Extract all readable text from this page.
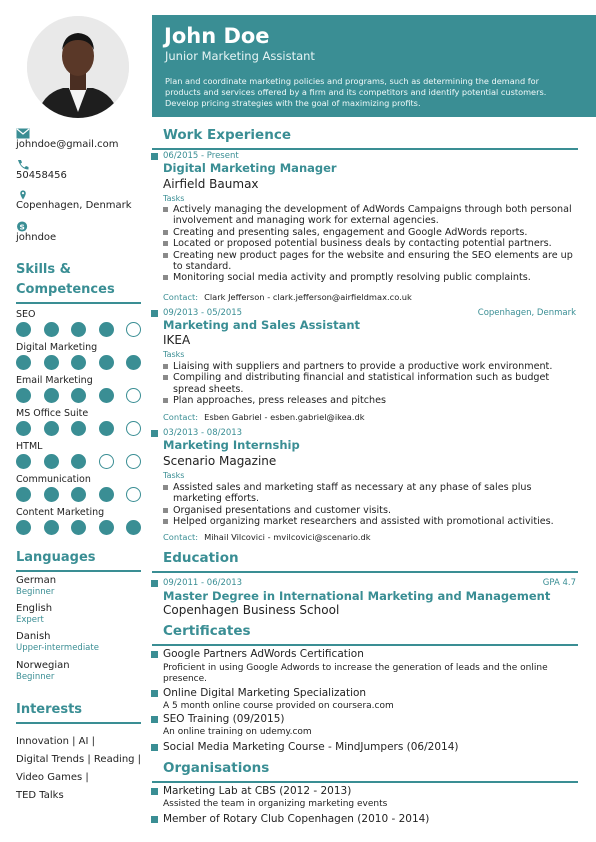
John Doe
Junior Marketing Assistant
Plan and coordinate marketing policies and programs, such as determining the demand for products and services offered by a firm and its competitors and identify potential customers. Develop pricing strategies with the goal of maximizing profits.
johndoe@gmail.com
50458456
Copenhagen, Denmark
S
johndoe
Skills & Competences
SEO
Digital Marketing
Email Marketing
MS Office Suite
HTML
Communication
Content Marketing
Languages
German
Beginner
English
Expert
Danish
Upper-intermediate
Norwegian
Beginner
Interests
Innovation | AI |
Digital Trends | Reading |
Video Games |
TED Talks
Work Experience
06/2015 - Present
Digital Marketing Manager
Airfield Baumax
Tasks
Actively managing the development of AdWords Campaigns through both personal involvement and managing work for external agencies.
Creating and presenting sales, engagement and Google AdWords reports.
Located or proposed potential business deals by contacting potential partners.
Creating new product pages for the website and ensuring the SEO elements are up to standard.
Monitoring social media activity and promptly resolving public complaints.
Contact: Clark Jefferson - clark.jefferson@airfieldmax.co.uk
09/2013 - 05/2015	Copenhagen, Denmark
Marketing and Sales Assistant
IKEA
Tasks
Liaising with suppliers and partners to provide a productive work environment.
Compiling and distributing financial and statistical information such as budget spread sheets.
Plan approaches, press releases and pitches
Contact: Esben Gabriel - esben.gabriel@ikea.dk
03/2013 - 08/2013
Marketing Internship
Scenario Magazine
Tasks
Assisted sales and marketing staff as necessary at any phase of sales plus marketing efforts.
Organised presentations and customer visits.
Helped organizing market researchers and assisted with promotional activities.
Contact: Mihail Vilcovici - mvilcovici@scenario.dk
Education
09/2011 - 06/2013	GPA 4.7
Master Degree in International Marketing and Management
Copenhagen Business School
Certificates
Google Partners AdWords Certification
Proficient in using Google Adwords to increase the generation of leads and the online presence.
Online Digital Marketing Specialization
A 5 month online course provided on coursera.com
SEO Training (09/2015)
An online training on udemy.com
Social Media Marketing Course - MindJumpers (06/2014)
Organisations
Marketing Lab at CBS (2012 - 2013)
Assisted the team in organizing marketing events
Member of Rotary Club Copenhagen (2010 - 2014)
